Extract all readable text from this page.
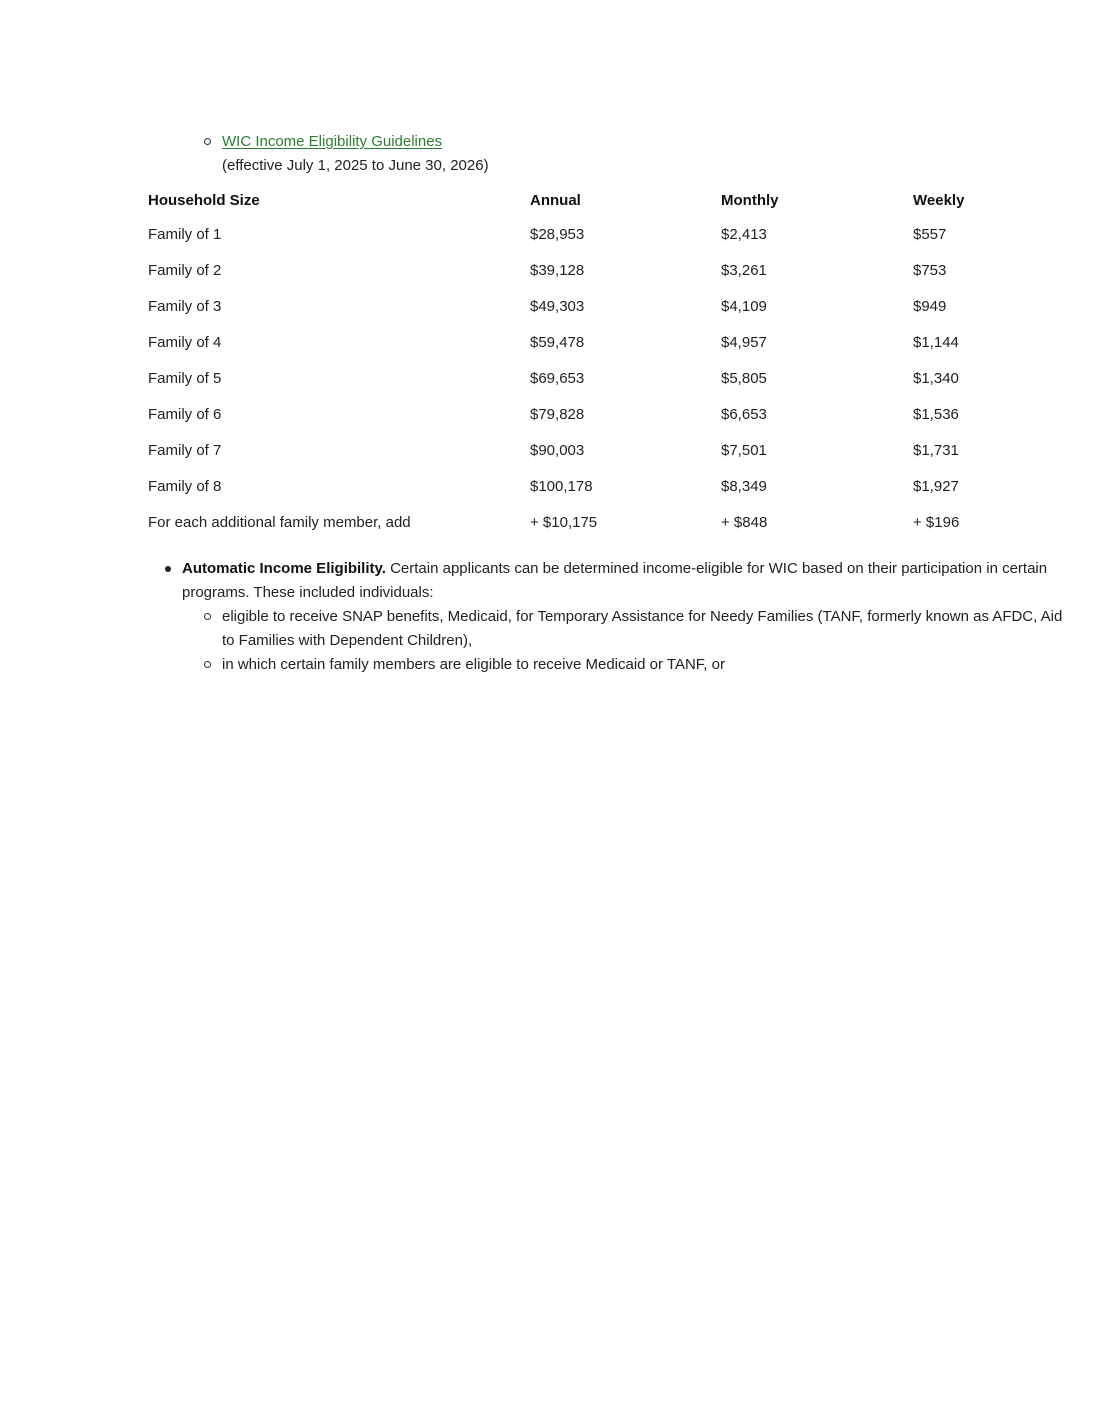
WIC Income Eligibility Guidelines
(effective July 1, 2025 to June 30, 2026)
Household Size	Annual	Monthly	Weekly
Family of 1	$28,953	$2,413	$557
Family of 2	$39,128	$3,261	$753
Family of 3	$49,303	$4,109	$949
Family of 4	$59,478	$4,957	$1,144
Family of 5	$69,653	$5,805	$1,340
Family of 6	$79,828	$6,653	$1,536
Family of 7	$90,003	$7,501	$1,731
Family of 8	$100,178	$8,349	$1,927
For each additional family member, add	+ $10,175	+ $848	+ $196
Automatic Income Eligibility. Certain applicants can be determined income-eligible for WIC based on their participation in certain programs. These included individuals:
eligible to receive SNAP benefits, Medicaid, for Temporary Assistance for Needy Families (TANF, formerly known as AFDC, Aid to Families with Dependent Children),
in which certain family members are eligible to receive Medicaid or TANF, or
